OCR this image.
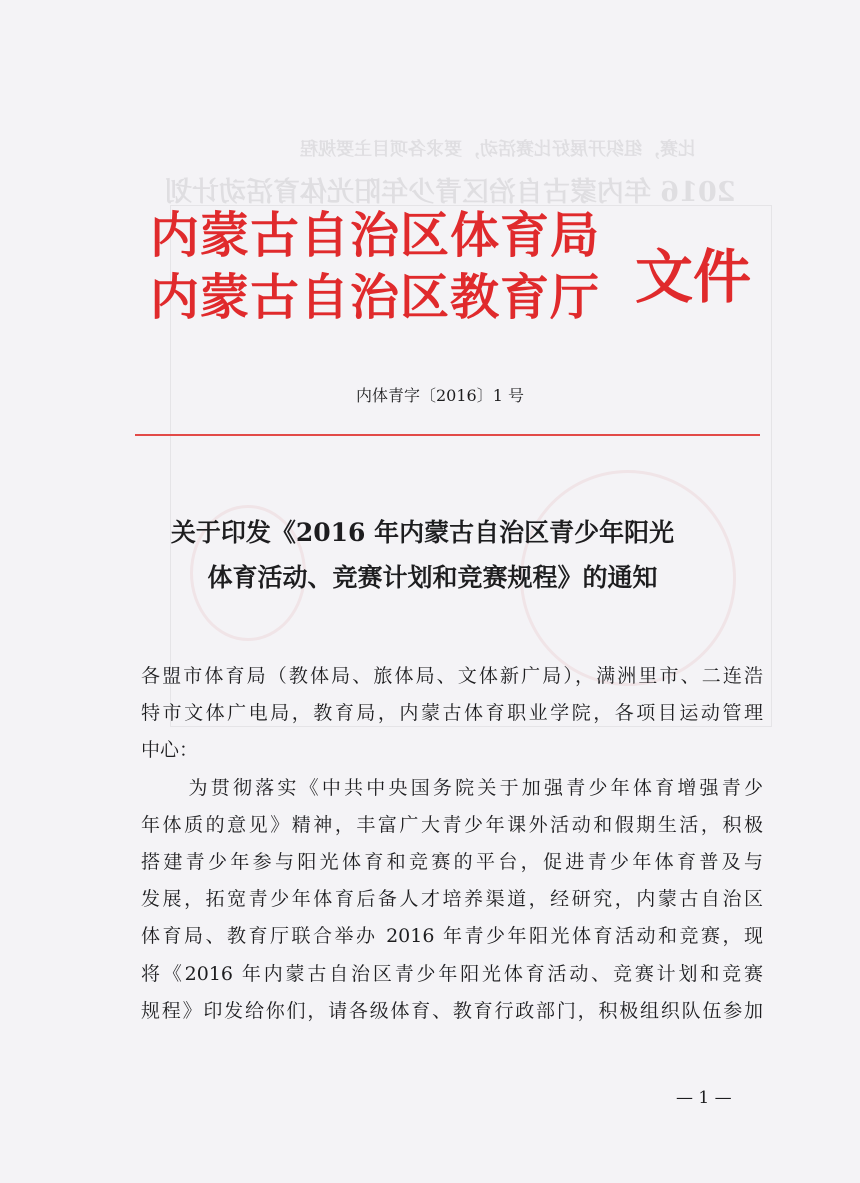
比赛，组织开展好比赛活动，要求各项目主要规程
2016 年内蒙古自治区青少年阳光体育活动计划
内蒙古自治区体育局
内蒙古自治区教育厅 文件
内体青字〔2016〕1 号
关于印发《2016 年内蒙古自治区青少年阳光
体育活动、竞赛计划和竞赛规程》的通知

各盟市体育局（教体局、旅体局、文体新广局），满洲里市、二连浩
特市文体广电局，教育局，内蒙古体育职业学院，各项目运动管理
中心：

为贯彻落实《中共中央国务院关于加强青少年体育增强青少
年体质的意见》精神，丰富广大青少年课外活动和假期生活，积极
搭建青少年参与阳光体育和竞赛的平台，促进青少年体育普及与
发展，拓宽青少年体育后备人才培养渠道，经研究，内蒙古自治区
体育局、教育厅联合举办 2016 年青少年阳光体育活动和竞赛，现
将《2016 年内蒙古自治区青少年阳光体育活动、竞赛计划和竞赛
规程》印发给你们，请各级体育、教育行政部门，积极组织队伍参加

— 1 —
